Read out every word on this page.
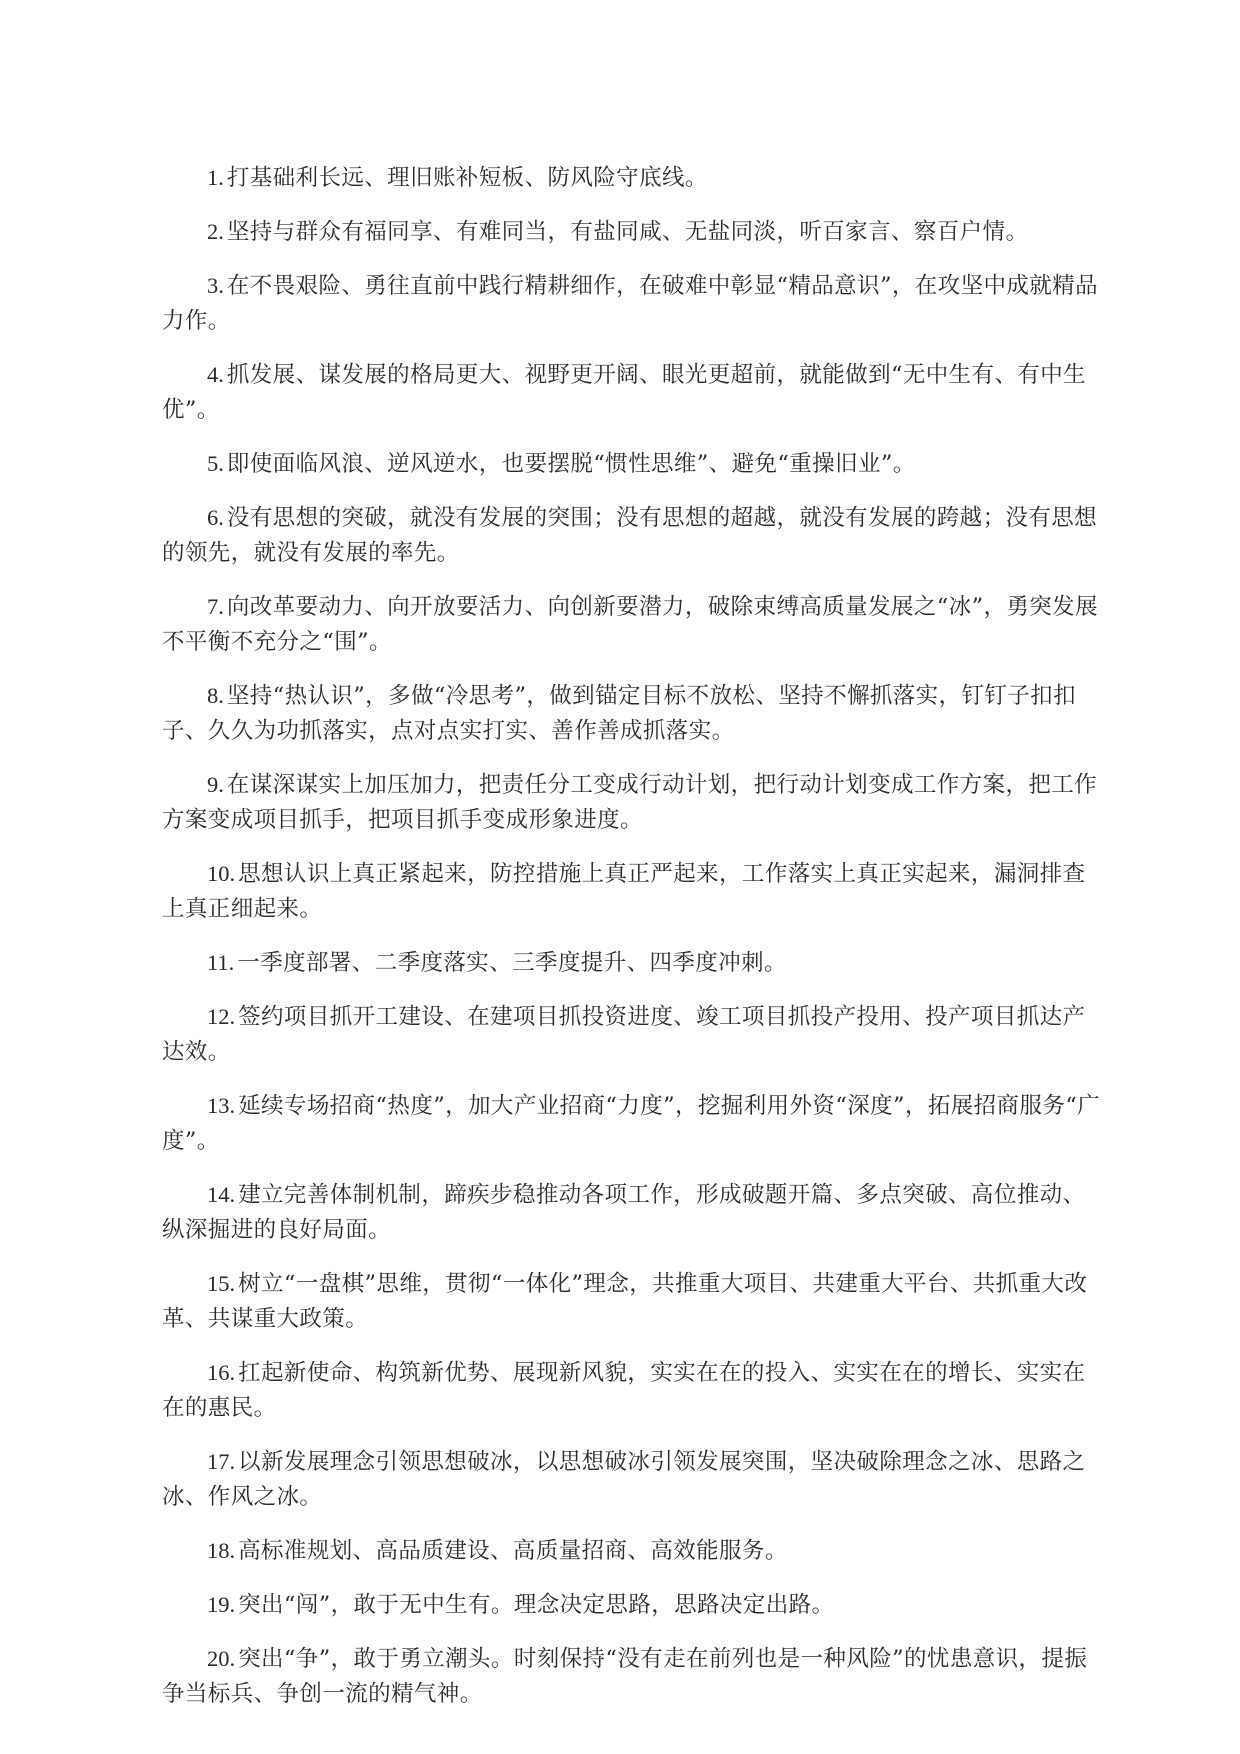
1. 打基础利长远、理旧账补短板、防风险守底线。

2. 坚持与群众有福同享、有难同当，有盐同咸、无盐同淡，听百家言、察百户情。

3. 在不畏艰险、勇往直前中践行精耕细作，在破难中彰显“精品意识”，在攻坚中成就精品力作。

4. 抓发展、谋发展的格局更大、视野更开阔、眼光更超前，就能做到“无中生有、有中生优”。

5. 即使面临风浪、逆风逆水，也要摆脱“惯性思维”、避免“重操旧业”。

6. 没有思想的突破，就没有发展的突围；没有思想的超越，就没有发展的跨越；没有思想的领先，就没有发展的率先。

7. 向改革要动力、向开放要活力、向创新要潜力，破除束缚高质量发展之“冰”，勇突发展不平衡不充分之“围”。

8. 坚持“热认识”，多做“冷思考”，做到锚定目标不放松、坚持不懈抓落实，钉钉子扣扣子、久久为功抓落实，点对点实打实、善作善成抓落实。

9. 在谋深谋实上加压加力，把责任分工变成行动计划，把行动计划变成工作方案，把工作方案变成项目抓手，把项目抓手变成形象进度。

10. 思想认识上真正紧起来，防控措施上真正严起来，工作落实上真正实起来，漏洞排查上真正细起来。

11. 一季度部署、二季度落实、三季度提升、四季度冲刺。

12. 签约项目抓开工建设、在建项目抓投资进度、竣工项目抓投产投用、投产项目抓达产达效。

13. 延续专场招商“热度”，加大产业招商“力度”，挖掘利用外资“深度”，拓展招商服务“广度”。

14. 建立完善体制机制，蹄疾步稳推动各项工作，形成破题开篇、多点突破、高位推动、纵深掘进的良好局面。

15. 树立“一盘棋”思维，贯彻“一体化”理念，共推重大项目、共建重大平台、共抓重大改革、共谋重大政策。

16. 扛起新使命、构筑新优势、展现新风貌，实实在在的投入、实实在在的增长、实实在在的惠民。

17. 以新发展理念引领思想破冰，以思想破冰引领发展突围，坚决破除理念之冰、思路之冰、作风之冰。

18. 高标准规划、高品质建设、高质量招商、高效能服务。

19. 突出“闯”，敢于无中生有。理念决定思路，思路决定出路。

20. 突出“争”，敢于勇立潮头。时刻保持“没有走在前列也是一种风险”的忧患意识，提振争当标兵、争创一流的精气神。
